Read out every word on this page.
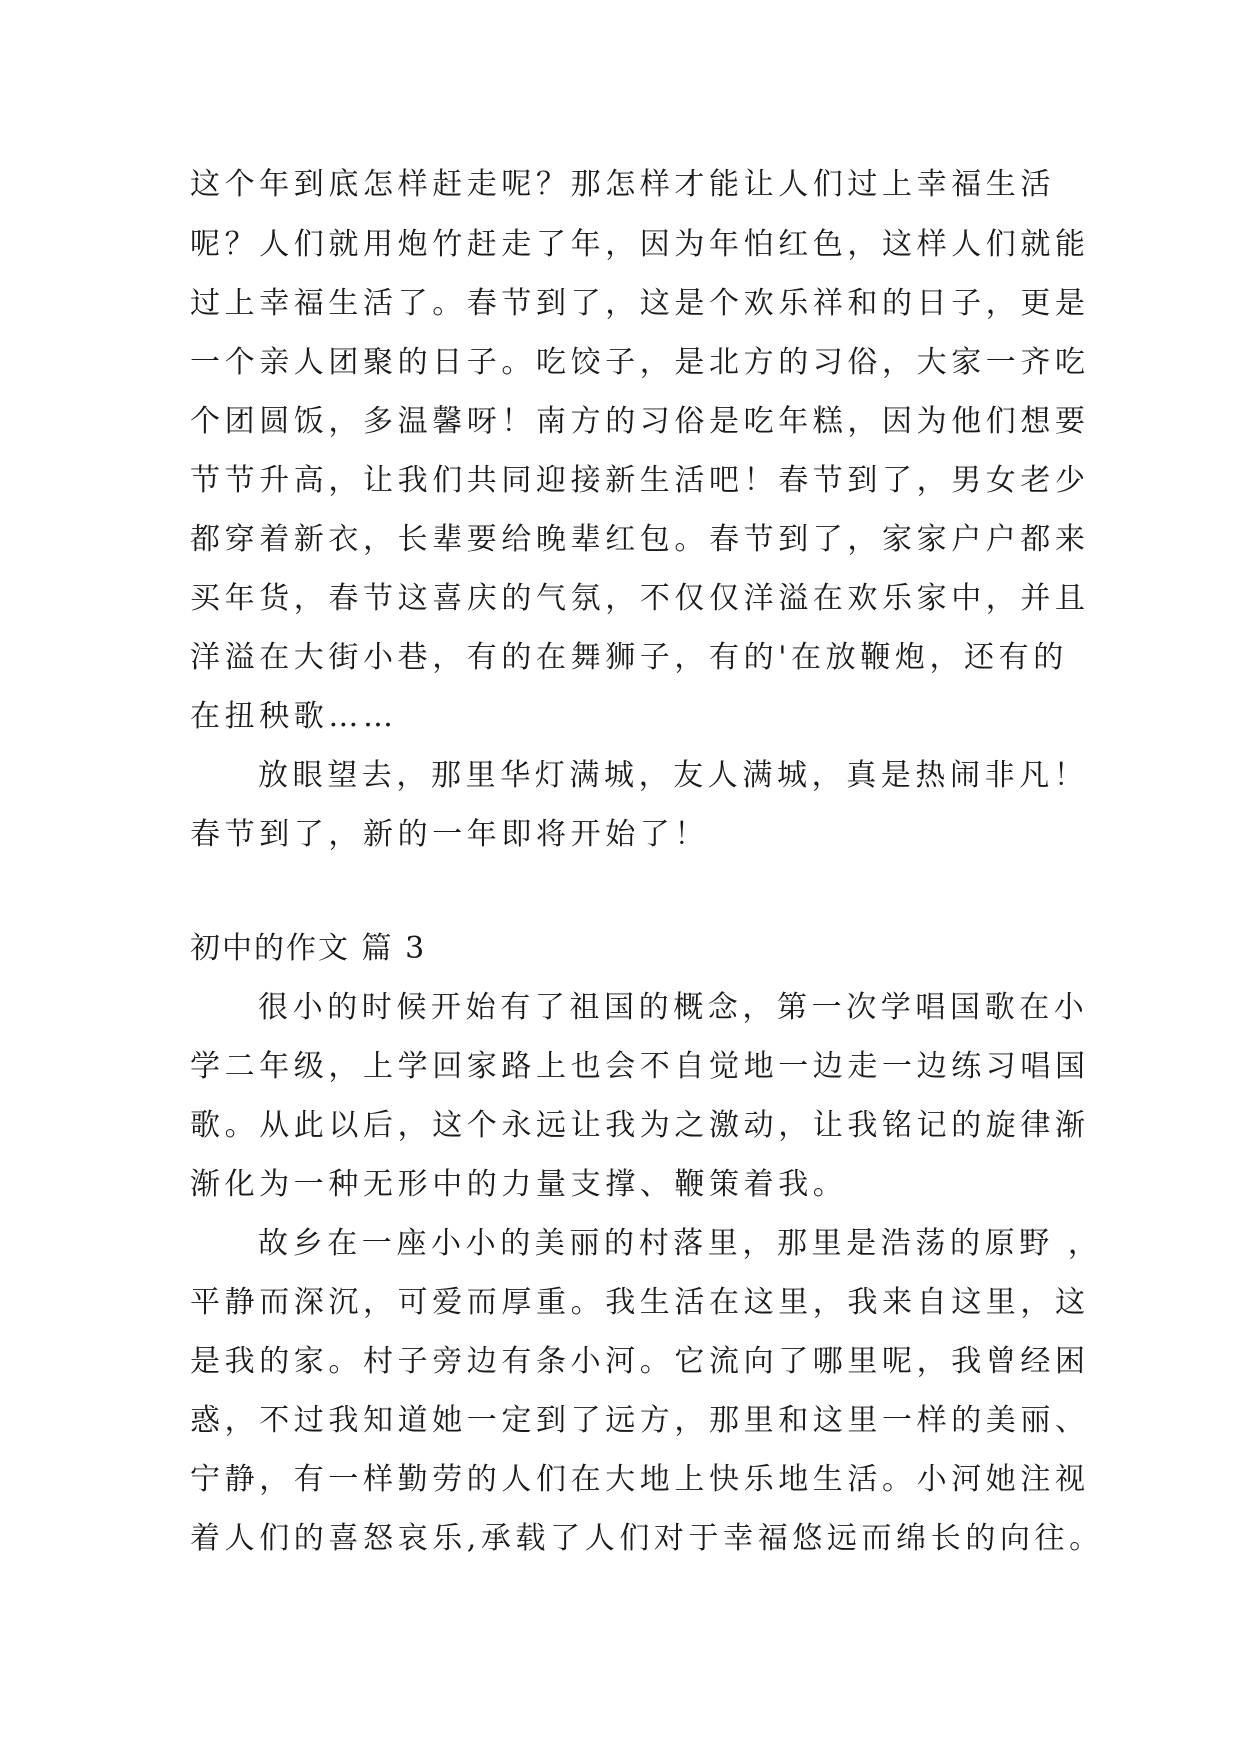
这个年到底怎样赶走呢？那怎样才能让人们过上幸福生活
呢？人们就用炮竹赶走了年，因为年怕红色，这样人们就能
过上幸福生活了。春节到了，这是个欢乐祥和的日子，更是
一个亲人团聚的日子。吃饺子，是北方的习俗，大家一齐吃
个团圆饭，多温馨呀！南方的习俗是吃年糕，因为他们想要
节节升高，让我们共同迎接新生活吧！春节到了，男女老少
都穿着新衣，长辈要给晚辈红包。春节到了，家家户户都来
买年货，春节这喜庆的气氛，不仅仅洋溢在欢乐家中，并且
洋溢在大街小巷，有的在舞狮子，有的'在放鞭炮，还有的
在扭秧歌……
放眼望去，那里华灯满城，友人满城，真是热闹非凡！
春节到了，新的一年即将开始了！
初中的作文 篇 3
很小的时候开始有了祖国的概念，第一次学唱国歌在小
学二年级，上学回家路上也会不自觉地一边走一边练习唱国
歌。从此以后，这个永远让我为之激动，让我铭记的旋律渐
渐化为一种无形中的力量支撑、鞭策着我。
故乡在一座小小的美丽的村落里，那里是浩荡的原野 ，
平静而深沉，可爱而厚重。我生活在这里，我来自这里，这
是我的家。村子旁边有条小河。它流向了哪里呢，我曾经困
惑，不过我知道她一定到了远方，那里和这里一样的美丽、
宁静，有一样勤劳的人们在大地上快乐地生活。小河她注视
着人们的喜怒哀乐,承载了人们对于幸福悠远而绵长的向往。
